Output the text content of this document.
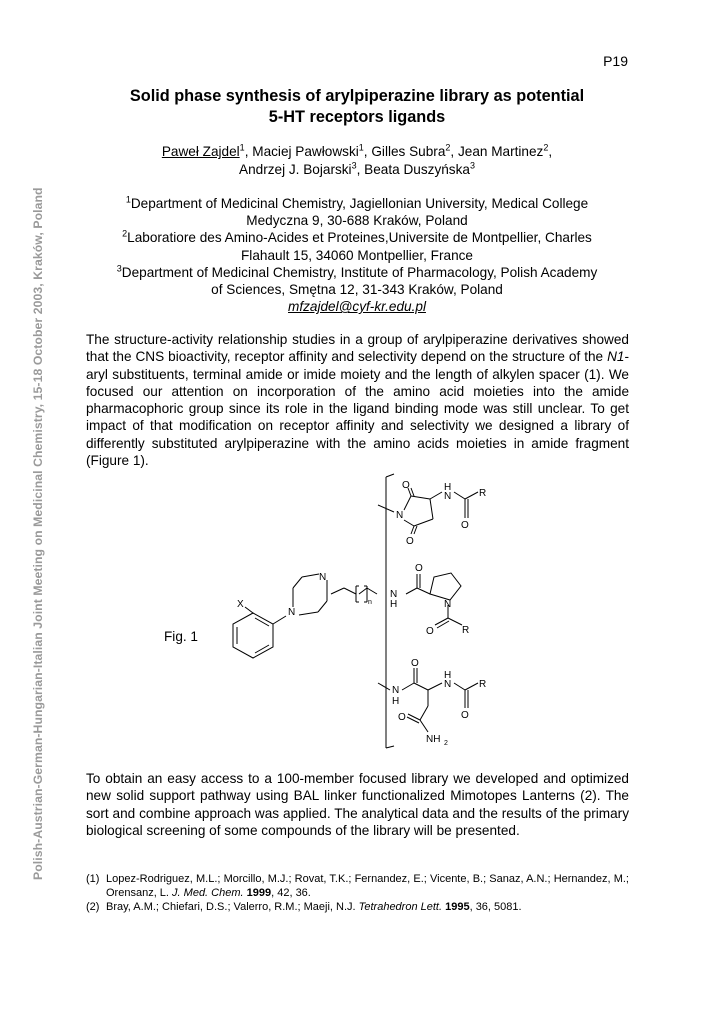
Polish-Austrian-German-Hungarian-Italian Joint Meeting on Medicinal Chemistry, 15-18 October 2003, Kraków, Poland
P19
Solid phase synthesis of arylpiperazine library as potential
5-HT receptors ligands
Paweł Zajdel$^1$, Maciej Pawłowski$^1$, Gilles Subra$^2$, Jean Martinez$^2$,
Andrzej J. Bojarski$^3$, Beata Duszyńska$^3$
$^1$Department of Medicinal Chemistry, Jagiellonian University, Medical College
Medyczna 9, 30-688 Kraków, Poland
$^2$Laboratiore des Amino-Acides et Proteines,Universite de Montpellier, Charles
Flahault 15, 34060 Montpellier, France
$^3$Department of Medicinal Chemistry, Institute of Pharmacology, Polish Academy
of Sciences, Smętna 12, 31-343 Kraków, Poland
mfzajdel@cyf-kr.edu.pl
The structure-activity relationship studies in a group of arylpiperazine derivatives showed that the CNS bioactivity, receptor affinity and selectivity depend on the structure of the N1-aryl substituents, terminal amide or imide moiety and the length of alkylen spacer (1). We focused our attention on incorporation of the amino acid moieties into the amide pharmacophoric group since its role in the ligand binding mode was still unclear. To get impact of that modification on receptor affinity and selectivity we designed a library of differently substituted arylpiperazine with the amino acids moieties in amide fragment (Figure 1).
Fig. 1
X
N
N
n
N
H
N
O
O
H
N	R
O
O
N
O	R
N
H
O
H
N	R
O
O
NH 2
To obtain an easy access to a 100-member focused library we developed and optimized new solid support pathway using BAL linker functionalized Mimotopes Lanterns (2). The sort and combine approach was applied. The analytical data and the results of the primary biological screening of some compounds of the library will be presented.
(1) Lopez-Rodriguez, M.L.; Morcillo, M.J.; Rovat, T.K.; Fernandez, E.; Vicente, B.; Sanaz, A.N.; Hernandez, M.; Orensanz, L. J. Med. Chem. 1999, 42, 36.
(2) Bray, A.M.; Chiefari, D.S.; Valerro, R.M.; Maeji, N.J. Tetrahedron Lett. 1995, 36, 5081.
